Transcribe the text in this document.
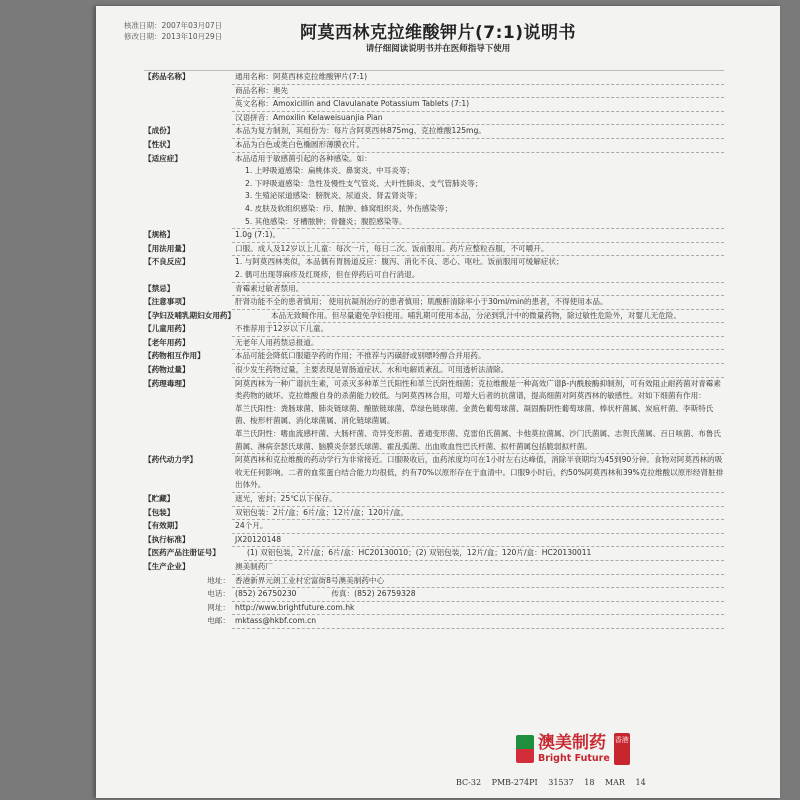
核准日期：2007年03月07日
修改日期：2013年10月29日	阿莫西林克拉维酸钾片(7:1)说明书
请仔细阅读说明书并在医师指导下使用
【药品名称】	通用名称：阿莫西林克拉维酸钾片(7:1)
商品名称：奥先
英文名称：Amoxicillin and Clavulanate Potassium Tablets (7:1)
汉语拼音：Amoxilin Kelaweisuanjia Pian
【成份】	本品为复方制剂，其组份为：每片含阿莫西林875mg、克拉维酸125mg。
【性状】	本品为白色或类白色椭圆形薄膜衣片。
【适应症】	本品适用于敏感菌引起的各种感染。如：
1. 上呼吸道感染：扁桃体炎、鼻窦炎、中耳炎等；
2. 下呼吸道感染：急性及慢性支气管炎、大叶性肺炎、支气管肺炎等；
3. 生殖泌尿道感染：膀胱炎、尿道炎、肾盂肾炎等；
4. 皮肤及软组织感染：疖、脓肿、蜂窝组织炎、外伤感染等；
5. 其他感染：牙槽脓肿；骨髓炎；腹腔感染等。
【规格】	1.0g (7:1)。
【用法用量】	口服。成人及12岁以上儿童：每次一片，每日二次。饭前服用。药片应整粒吞服，不可嚼开。
【不良反应】	1. 与阿莫西林类似，本品偶有胃肠道反应：腹泻、消化不良、恶心、呕吐。饭前服用可缓解症状；
2. 偶可出现荨麻疹及红斑疹，但在停药后可自行消退。
【禁忌】	青霉素过敏者禁用。
【注意事项】	肝肾功能不全的患者慎用； 使用抗凝剂治疗的患者慎用；肌酸酐清除率小于30ml/min的患者，不得使用本品。
【孕妇及哺乳期妇女用药】	本品无致畸作用。但尽量避免孕妇使用。哺乳期可使用本品，分泌到乳汁中的微量药物，除过敏性危险外，对婴儿无危险。
【儿童用药】	不推荐用于12岁以下儿童。
【老年用药】	无老年人用药禁忌报道。
【药物相互作用】	本品可能会降低口服避孕药的作用；不推荐与丙磺舒或别嘌呤醇合并用药。
【药物过量】	很少发生药物过量，主要表现是胃肠道症状、水和电解质紊乱。可用透析法清除。
【药理毒理】	阿莫西林为一种广谱抗生素，可杀灭多种革兰氏阳性和革兰氏阴性细菌；克拉维酸是一种高效广谱β-内酰胺酶抑制剂，可有效阻止耐药菌对青霉素类药物的破坏。克拉维酸自身的杀菌能力较低。与阿莫西林合用，可增大后者的抗菌谱，提高细菌对阿莫西林的敏感性。对如下细菌有作用：
革兰氏阳性：粪肠球菌、肺炎链球菌、酿脓链球菌、草绿色链球菌、金黄色葡萄球菌、凝固酶阴性葡萄球菌、棒状杆菌属、炭疽杆菌、李斯特氏菌、梭形杆菌属、消化球菌属、消化链球菌属。
革兰氏阴性：嗜血流感杆菌、大肠杆菌、奇异变形菌、普通变形菌、克雷伯氏菌属、卡他莫拉菌属、沙门氏菌属、志贺氏菌属、百日咳菌、布鲁氏菌属、淋病奈瑟氏球菌、脑膜炎奈瑟氏球菌、霍乱弧菌、出血败血性巴氏杆菌、拟杆菌属包括脆弱拟杆菌。
【药代动力学】	阿莫西林和克拉维酸的药动学行为非常接近。口服吸收后，血药浓度均可在1小时左右达峰值，消除半衰期均为45到90分钟。食物对阿莫西林的吸收无任何影响。二者的血浆蛋白结合能力均很低，约有70%以原形存在于血清中。口服9小时后，约50%阿莫西林和39%克拉维酸以原形经肾脏排出体外。
【贮藏】	遮光，密封；25℃以下保存。
【包装】	双铝包装：2片/盒；6片/盒；12片/盒；120片/盒。
【有效期】	24个月。
【执行标准】	JX20120148
【医药产品注册证号】	(1) 双铝包装，2片/盒；6片/盒：HC20130010；(2) 双铝包装，12片/盒；120片/盒：HC20130011
【生产企业】	澳美制药厂
地址： 香港新界元朗工业村宏富街8号澳美制药中心
电话： (852) 26750230	传真：(852) 26759328
网址： http://www.brightfuture.com.hk
电邮： mktass@hkbf.com.cn
澳美制药
Bright Future
香港
BC-32 PMB-274PI 31537 18 MAR 14
